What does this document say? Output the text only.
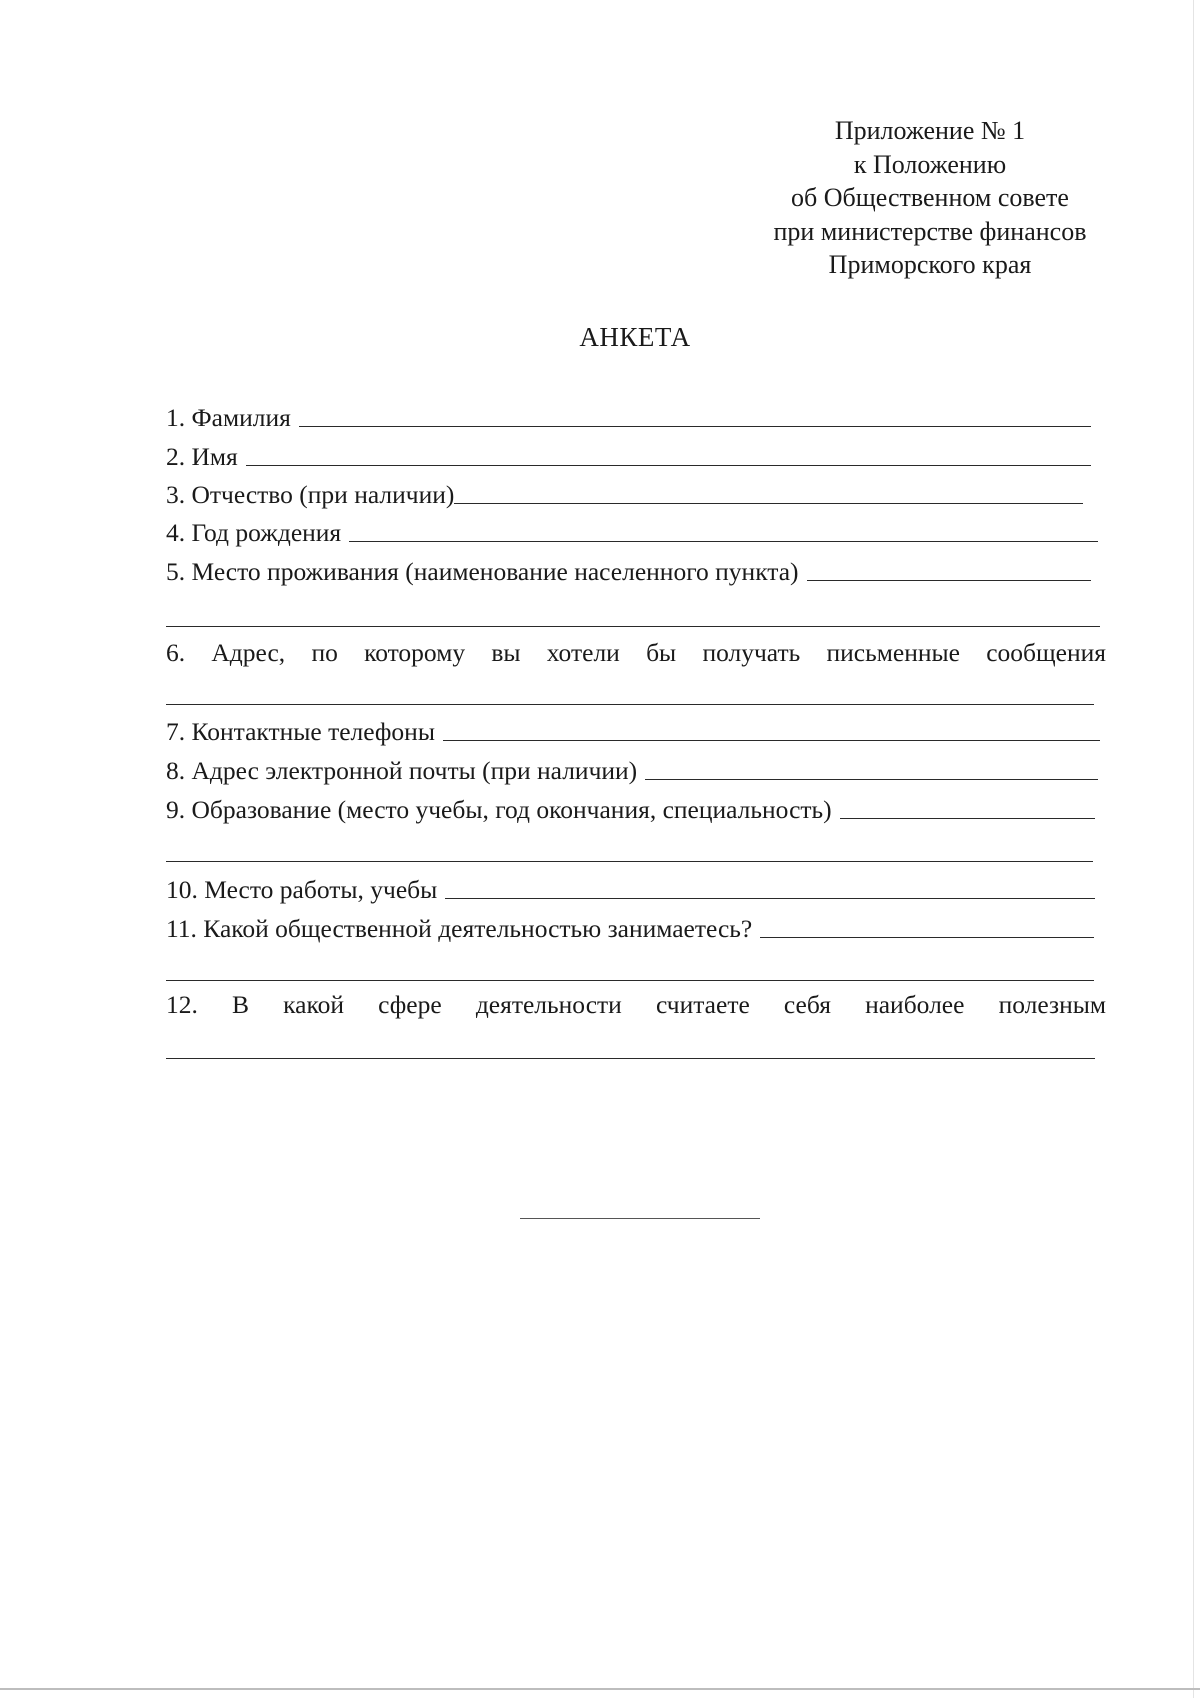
Приложение № 1
к Положению
об Общественном совете
при министерстве финансов
Приморского края
АНКЕТА
1. Фамилия
2. Имя
3. Отчество (при наличии)
4. Год рождения
5. Место проживания (наименование населенного пункта)
6. Адрес, по которому вы хотели бы получать письменные сообщения
7. Контактные телефоны
8. Адрес электронной почты (при наличии)
9. Образование (место учебы, год окончания, специальность)
10. Место работы, учебы
11. Какой общественной деятельностью занимаетесь?
12. В какой сфере деятельности считаете себя наиболее полезным
